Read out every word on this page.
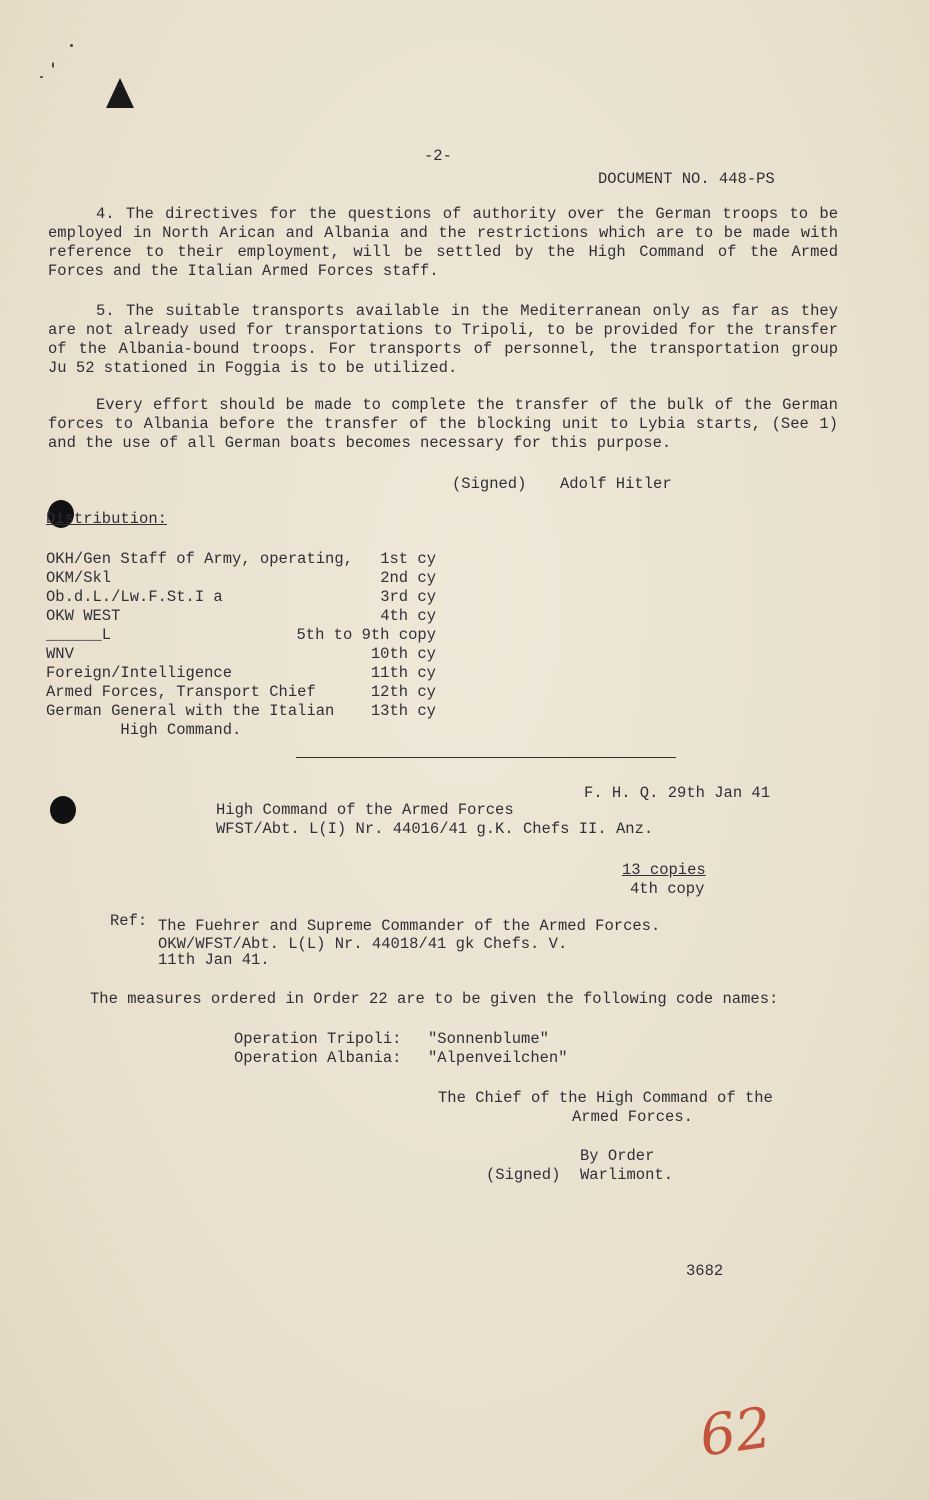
-2-
DOCUMENT NO. 448-PS
4. The directives for the questions of authority over the German troops to be employed in North Arican and Albania and the restrictions which are to be made with reference to their employment, will be settled by the High Command of the Armed Forces and the Italian Armed Forces staff.
5. The suitable transports available in the Mediterranean only as far as they are not already used for transportations to Tripoli, to be provided for the transfer of the Albania-bound troops. For transports of personnel, the transportation group Ju 52 stationed in Foggia is to be utilized.
Every effort should be made to complete the transfer of the bulk of the German forces to Albania before the transfer of the blocking unit to Lybia starts, (See 1) and the use of all German boats becomes necessary for this purpose.
(Signed) Adolf Hitler
Distribution:
OKH/Gen Staff of Army, operating, 1st cy
OKM/Skl	2nd cy
Ob.d.L./Lw.F.St.I a	3rd cy
OKW WEST	4th cy
______L	5th to 9th copy
WNV	10th cy
Foreign/Intelligence	11th cy
Armed Forces, Transport Chief	12th cy
German General with the Italian 13th cy
High Command.
F. H. Q. 29th Jan 41
High Command of the Armed Forces
WFST/Abt. L(I) Nr. 44016/41 g.K. Chefs II. Anz.
13 copies
4th copy
Ref: The Fuehrer and Supreme Commander of the Armed Forces.
OKW/WFST/Abt. L(L) Nr. 44018/41 gk Chefs. V.
11th Jan 41.
The measures ordered in Order 22 are to be given the following code names:
Operation Tripoli: "Sonnenblume"
Operation Albania: "Alpenveilchen"
The Chief of the High Command of the
Armed Forces.
By Order
(Signed) Warlimont.
3682
62
